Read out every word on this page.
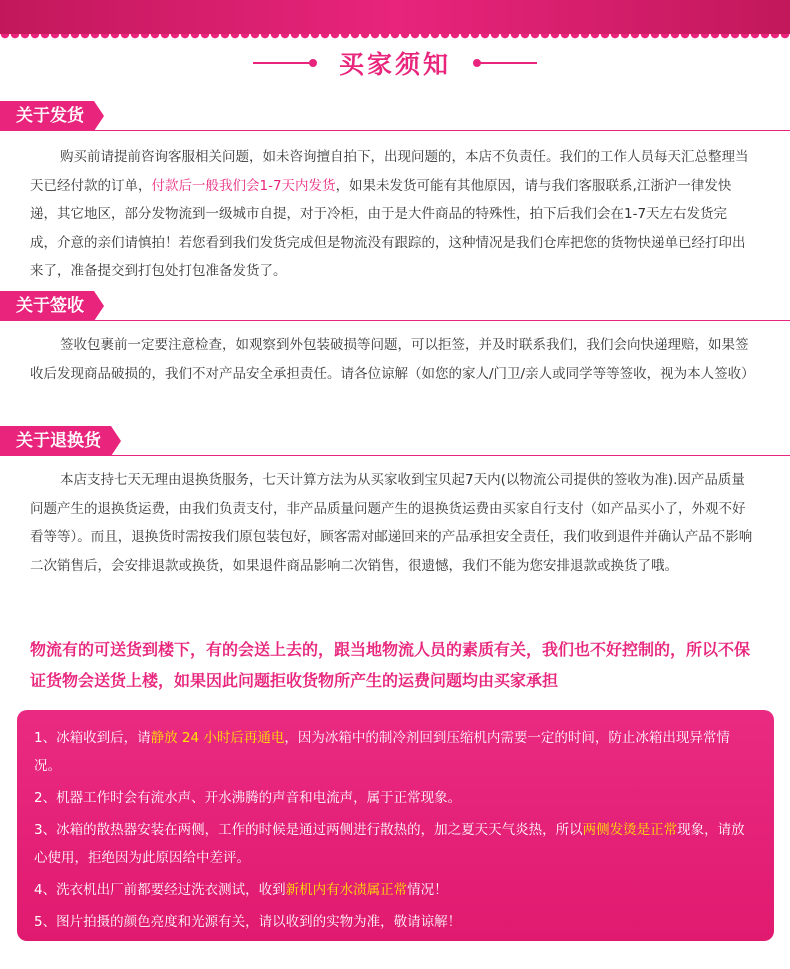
买家须知
关于发货

购买前请提前咨询客服相关问题，如未咨询擅自拍下，出现问题的，本店不负责任。我们的工作人员每天汇总整理当天已经付款的订单，付款后一般我们会1-7天内发货，如果未发货可能有其他原因，请与我们客服联系,江浙沪一律发快递，其它地区，部分发物流到一级城市自提，对于冷柜，由于是大件商品的特殊性，拍下后我们会在1-7天左右发货完成，介意的亲们请慎拍！若您看到我们发货完成但是物流没有跟踪的，这种情况是我们仓库把您的货物快递单已经打印出来了，准备提交到打包处打包准备发货了。

关于签收

签收包裹前一定要注意检查，如观察到外包装破损等问题，可以拒签，并及时联系我们，我们会向快递理赔，如果签收后发现商品破损的，我们不对产品安全承担责任。请各位谅解（如您的家人/门卫/亲人或同学等等签收，视为本人签收）

关于退换货

本店支持七天无理由退换货服务，七天计算方法为从买家收到宝贝起7天内(以物流公司提供的签收为准).因产品质量问题产生的退换货运费，由我们负责支付，非产品质量问题产生的退换货运费由买家自行支付（如产品买小了，外观不好看等等）。而且，退换货时需按我们原包装包好，顾客需对邮递回来的产品承担安全责任，我们收到退件并确认产品不影响二次销售后，会安排退款或换货，如果退件商品影响二次销售，很遗憾，我们不能为您安排退款或换货了哦。

物流有的可送货到楼下，有的会送上去的，跟当地物流人员的素质有关，我们也不好控制的，所以不保证货物会送货上楼，如果因此问题拒收货物所产生的运费问题均由买家承担
1、冰箱收到后，请静放 24 小时后再通电，因为冰箱中的制冷剂回到压缩机内需要一定的时间，防止冰箱出现异常情况。
2、机器工作时会有流水声、开水沸腾的声音和电流声，属于正常现象。
3、冰箱的散热器安装在两侧，工作的时候是通过两侧进行散热的，加之夏天天气炎热，所以两侧发烫是正常现象，请放心使用，拒绝因为此原因给中差评。
4、洗衣机出厂前都要经过洗衣测试，收到新机内有水渍属正常情况！
5、图片拍摄的颜色亮度和光源有关，请以收到的实物为准，敬请谅解！
